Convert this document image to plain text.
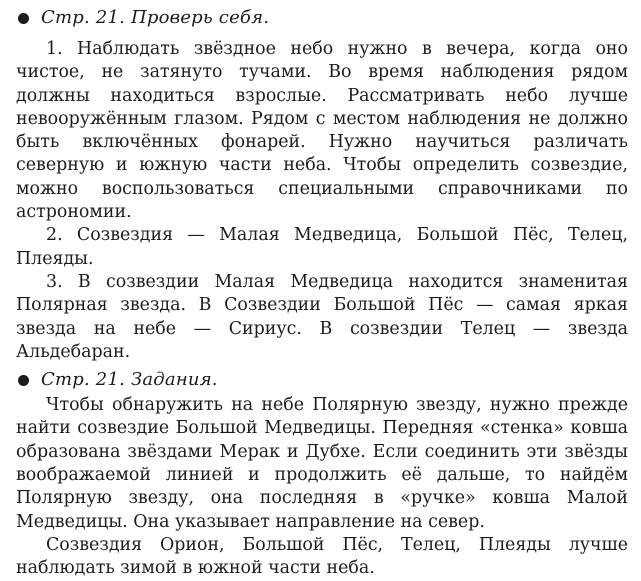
Стр. 21. Проверь себя.

1. Наблюдать звёздное небо нужно в вечера, когда оно чистое, не затянуто тучами. Во время наблюдения рядом должны находиться взрослые. Рассматривать небо лучше невооружённым глазом. Рядом с местом наблюдения не должно быть включённых фонарей. Нужно научиться различать северную и южную части неба. Чтобы определить созвездие, можно воспользоваться специальными справочниками по астрономии.

2. Созвездия — Малая Медведица, Большой Пёс, Телец, Плеяды.

3. В созвездии Малая Медведица находится знаменитая Полярная звезда. В Созвездии Большой Пёс — самая яркая звезда на небе — Сириус. В созвездии Телец — звезда Альдебаран.

Стр. 21. Задания.

Чтобы обнаружить на небе Полярную звезду, нужно прежде найти созвездие Большой Медведицы. Передняя «стенка» ковша образована звёздами Мерак и Дубхе. Если соединить эти звёзды воображаемой линией и продолжить её дальше, то найдём Полярную звезду, она последняя в «ручке» ковша Малой Медведицы. Она указывает направление на север.

Созвездия Орион, Большой Пёс, Телец, Плеяды лучше наблюдать зимой в южной части неба.
